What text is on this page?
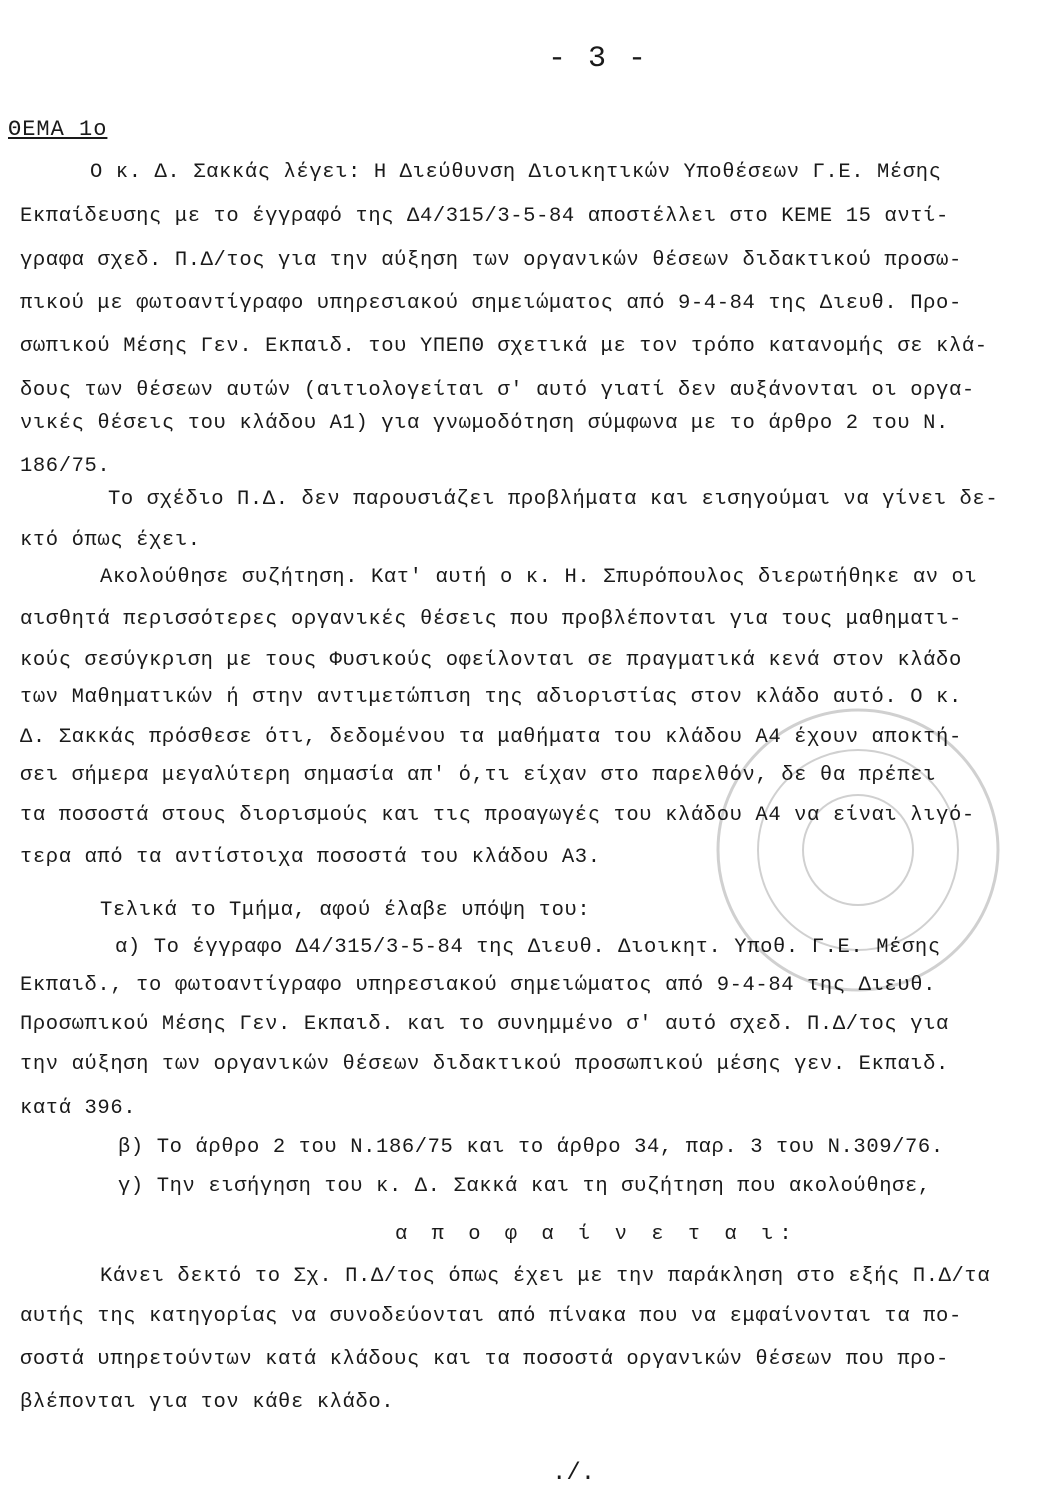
- 3 -
ΘΕΜΑ 1ο
Ο κ. Δ. Σακκάς λέγει: Η Διεύθυνση Διοικητικών Υποθέσεων Γ.Ε. Μέσης
Εκπαίδευσης με το έγγραφό της Δ4/315/3-5-84 αποστέλλει στο ΚΕΜΕ 15 αντί-
γραφα σχεδ. Π.Δ/τος για την αύξηση των οργανικών θέσεων διδακτικού προσω-
πικού με φωτοαντίγραφο υπηρεσιακού σημειώματος από 9-4-84 της Διευθ. Προ-
σωπικού Μέσης Γεν. Εκπαιδ. του ΥΠΕΠΘ σχετικά με τον τρόπο κατανομής σε κλά-
δους των θέσεων αυτών (αιτιολογείται σ' αυτό γιατί δεν αυξάνονται οι οργα-
νικές θέσεις του κλάδου Α1) για γνωμοδότηση σύμφωνα με το άρθρο 2 του Ν.
186/75.
Το σχέδιο Π.Δ. δεν παρουσιάζει προβλήματα και εισηγούμαι να γίνει δε-
κτό όπως έχει.
Ακολούθησε συζήτηση. Κατ' αυτή ο κ. Η. Σπυρόπουλος διερωτήθηκε αν οι
αισθητά περισσότερες οργανικές θέσεις που προβλέπονται για τους μαθηματι-
κούς σεσύγκριση με τους Φυσικούς οφείλονται σε πραγματικά κενά στον κλάδο
των Μαθηματικών ή στην αντιμετώπιση της αδιοριστίας στον κλάδο αυτό. Ο κ.
Δ. Σακκάς πρόσθεσε ότι, δεδομένου τα μαθήματα του κλάδου Α4 έχουν αποκτή-
σει σήμερα μεγαλύτερη σημασία απ' ό,τι είχαν στο παρελθόν, δε θα πρέπει
τα ποσοστά στους διορισμούς και τις προαγωγές του κλάδου Α4 να είναι λιγό-
τερα από τα αντίστοιχα ποσοστά του κλάδου Α3.
Τελικά το Τμήμα, αφού έλαβε υπόψη του:
α) Το έγγραφο Δ4/315/3-5-84 της Διευθ. Διοικητ. Υποθ. Γ.Ε. Μέσης
Εκπαιδ., το φωτοαντίγραφο υπηρεσιακού σημειώματος από 9-4-84 της Διευθ.
Προσωπικού Μέσης Γεν. Εκπαιδ. και το συνημμένο σ' αυτό σχεδ. Π.Δ/τος για
την αύξηση των οργανικών θέσεων διδακτικού προσωπικού μέσης γεν. Εκπαιδ.
κατά 396.
β) Το άρθρο 2 του Ν.186/75 και το άρθρο 34, παρ. 3 του Ν.309/76.
γ) Την εισήγηση του κ. Δ. Σακκά και τη συζήτηση που ακολούθησε,
α π ο φ α ί ν ε τ α ι:
Κάνει δεκτό το Σχ. Π.Δ/τος όπως έχει με την παράκληση στο εξής Π.Δ/τα
αυτής της κατηγορίας να συνοδεύονται από πίνακα που να εμφαίνονται τα πο-
σοστά υπηρετούντων κατά κλάδους και τα ποσοστά οργανικών θέσεων που προ-
βλέπονται για τον κάθε κλάδο.
./.
